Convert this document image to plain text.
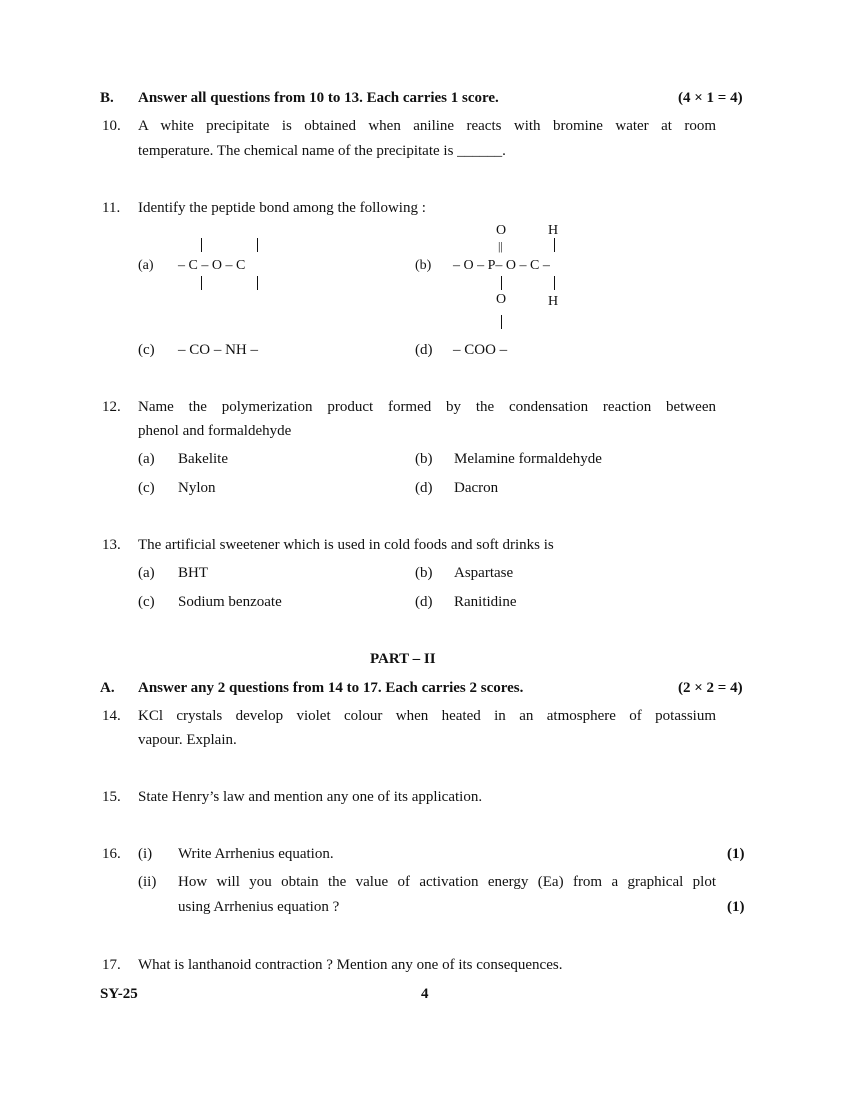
B. Answer all questions from 10 to 13. Each carries 1 score.	(4 × 1 = 4)
10. A white precipitate is obtained when aniline reacts with bromine water at room
temperature. The chemical name of the precipitate is ______.
11. Identify the peptide bond among the following :
(a) – C – O – C	(b) – O – P– O – C –
O	H
||
O	H
(c) – CO – NH –	(d) – COO –
12. Name the polymerization product formed by the condensation reaction between
phenol and formaldehyde
(a) Bakelite	(b) Melamine formaldehyde
(c) Nylon	(d) Dacron
13. The artificial sweetener which is used in cold foods and soft drinks is
(a) BHT	(b) Aspartase
(c) Sodium benzoate	(d) Ranitidine
PART – II
A. Answer any 2 questions from 14 to 17. Each carries 2 scores.	(2 × 2 = 4)
14. KCl crystals develop violet colour when heated in an atmosphere of potassium
vapour. Explain.
15. State Henry’s law and mention any one of its application.
16. (i) Write Arrhenius equation.	(1)
(ii) How will you obtain the value of activation energy (Ea) from a graphical plot
using Arrhenius equation ?	(1)
17. What is lanthanoid contraction ? Mention any one of its consequences.
SY-25	4
